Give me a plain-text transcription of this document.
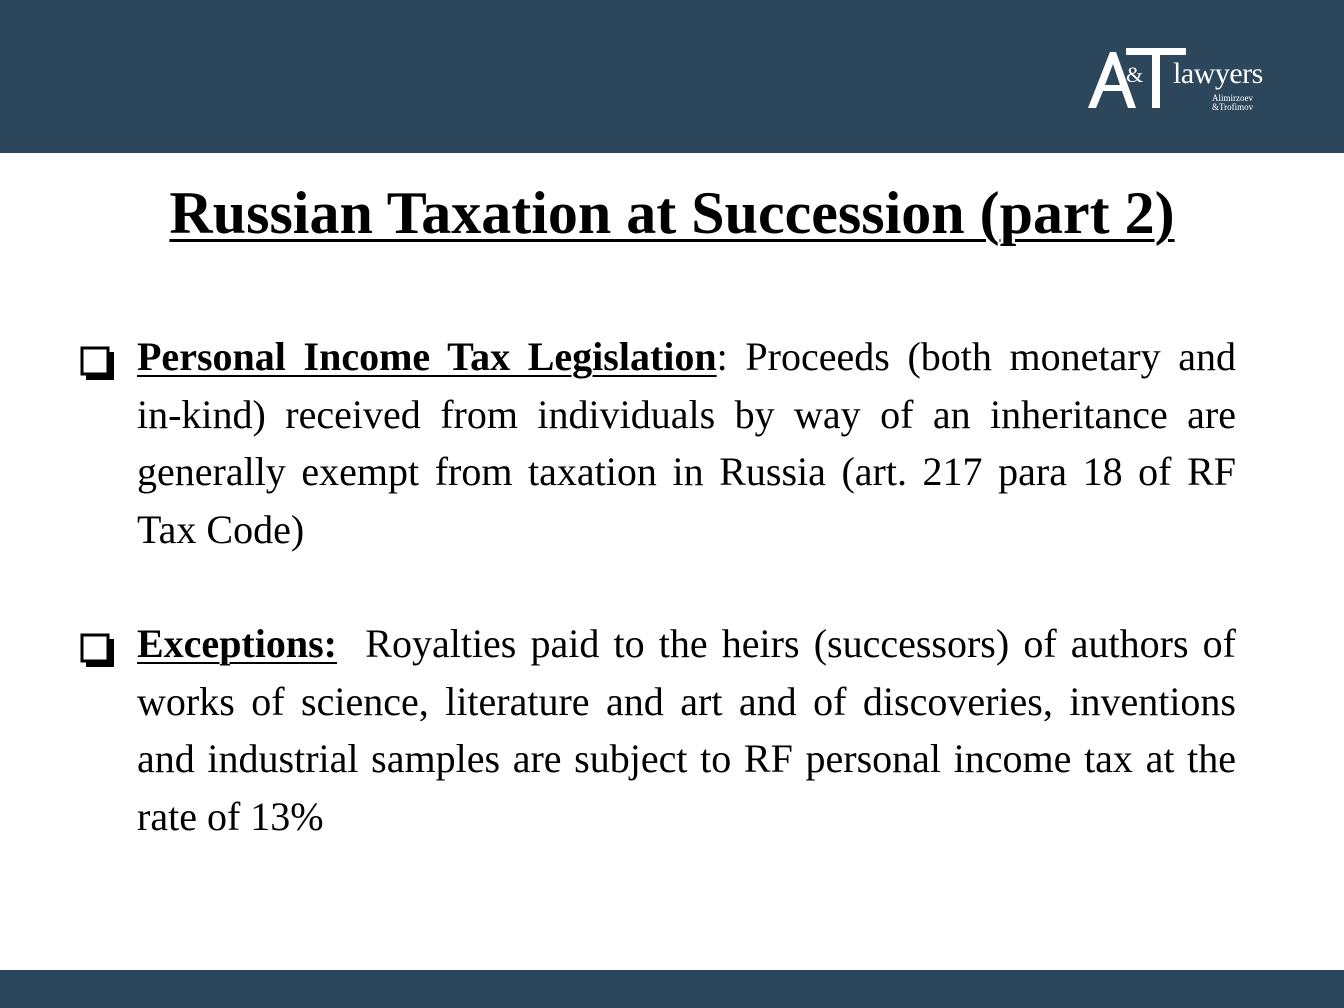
& lawyers
Alimirzoev
&Trofimov
Russian Taxation at Succession (part 2)
Personal Income Tax Legislation: Proceeds (both monetary and in-kind) received from individuals by way of an inheritance are generally exempt from taxation in Russia (art. 217 para 18 of RF Tax Code)
Exceptions:  Royalties paid to the heirs (successors) of authors of works of science, literature and art and of discoveries, inventions and industrial samples are subject to RF personal income tax at the rate of 13%
